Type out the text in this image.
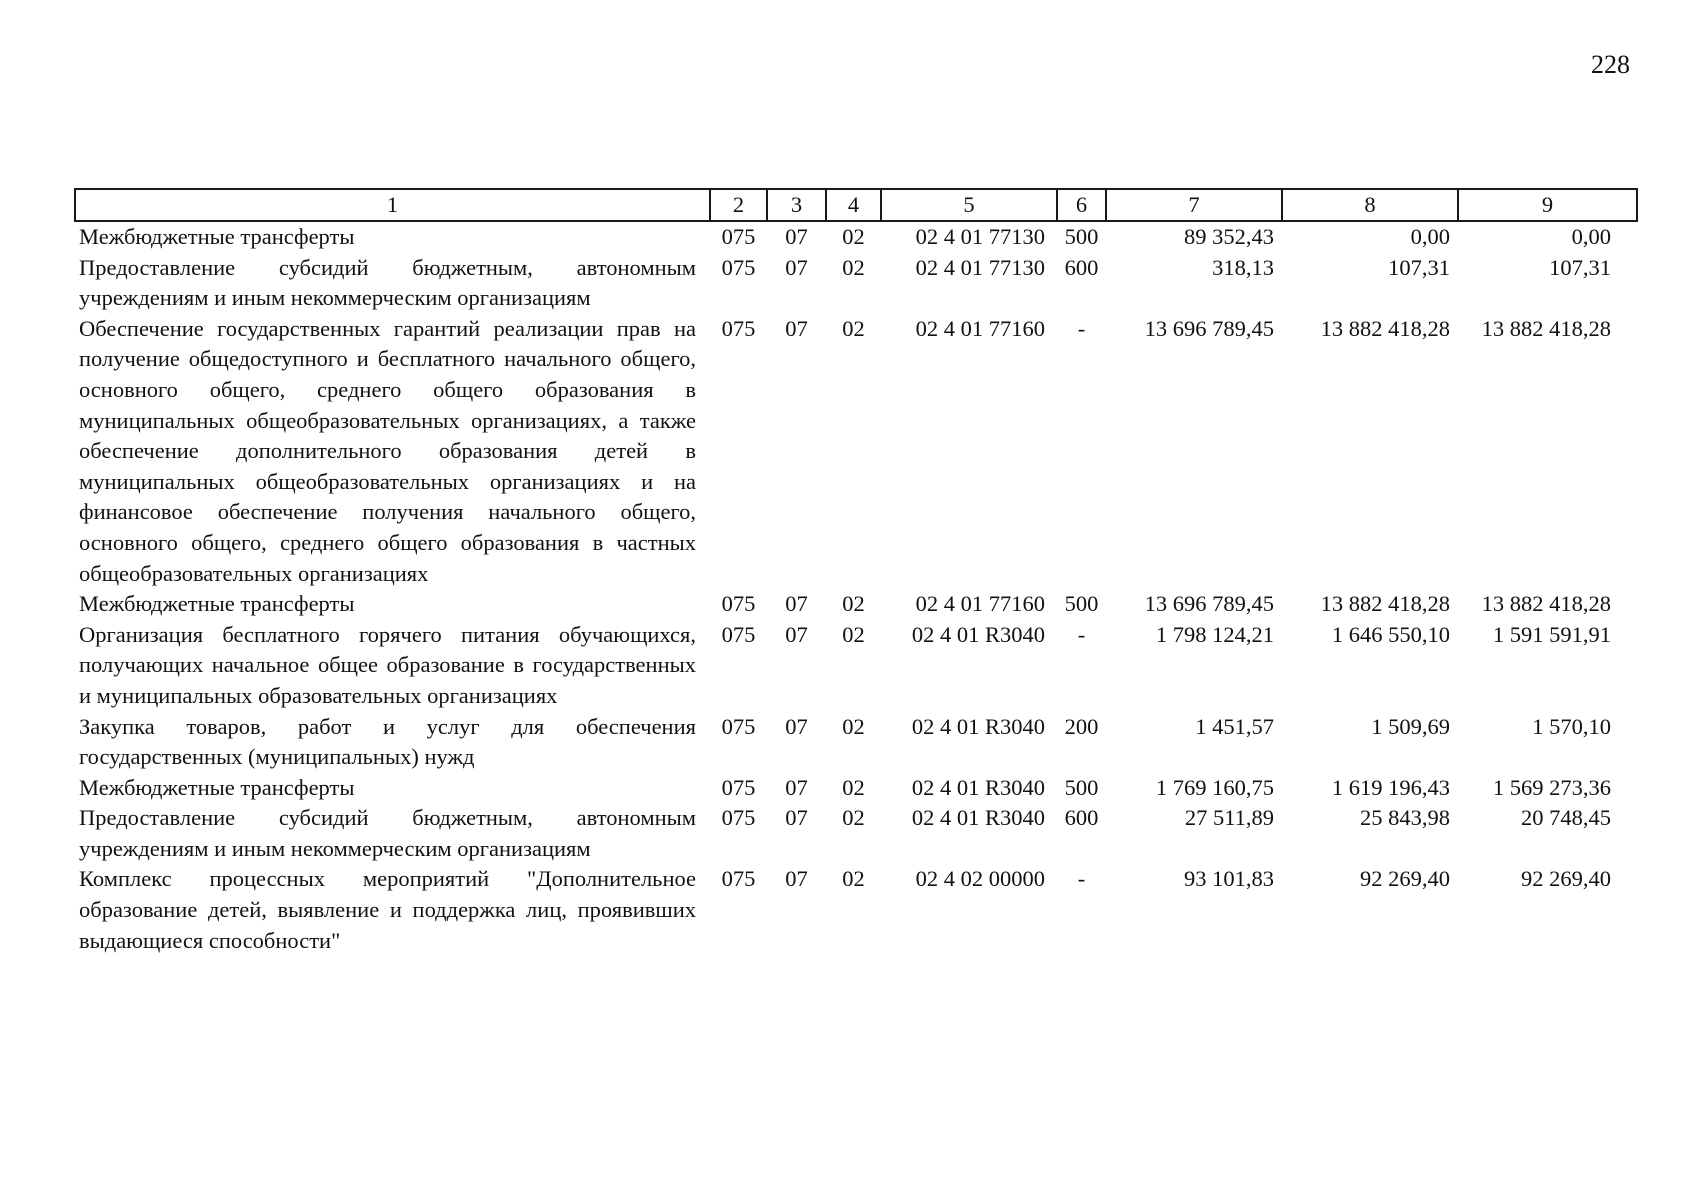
228
1	2	3	4	5	6	7	8	9
Межбюджетные трансферты	075	07	02	02 4 01 77130	500	89 352,43	0,00	0,00
Предоставление субсидий бюджетным, автономным учреждениям и иным некоммерческим организациям	075	07	02	02 4 01 77130	600	318,13	107,31	107,31
Обеспечение государственных гарантий реализации прав на получение общедоступного и бесплатного начального общего, основного общего, среднего общего образования в муниципальных общеобразовательных организациях, а также обеспечение дополнительного образования детей в муниципальных общеобразовательных организациях и на финансовое обеспечение получения начального общего, основного общего, среднего общего образования в частных общеобразовательных организациях	075	07	02	02 4 01 77160	-	13 696 789,45	13 882 418,28	13 882 418,28
Межбюджетные трансферты	075	07	02	02 4 01 77160	500	13 696 789,45	13 882 418,28	13 882 418,28
Организация бесплатного горячего питания обучающихся, получающих начальное общее образование в государственных и муниципальных образовательных организациях	075	07	02	02 4 01 R3040	-	1 798 124,21	1 646 550,10	1 591 591,91
Закупка товаров, работ и услуг для обеспечения государственных (муниципальных) нужд	075	07	02	02 4 01 R3040	200	1 451,57	1 509,69	1 570,10
Межбюджетные трансферты	075	07	02	02 4 01 R3040	500	1 769 160,75	1 619 196,43	1 569 273,36
Предоставление субсидий бюджетным, автономным учреждениям и иным некоммерческим организациям	075	07	02	02 4 01 R3040	600	27 511,89	25 843,98	20 748,45
Комплекс процессных мероприятий "Дополнительное образование детей, выявление и поддержка лиц, проявивших выдающиеся способности"	075	07	02	02 4 02 00000	-	93 101,83	92 269,40	92 269,40
